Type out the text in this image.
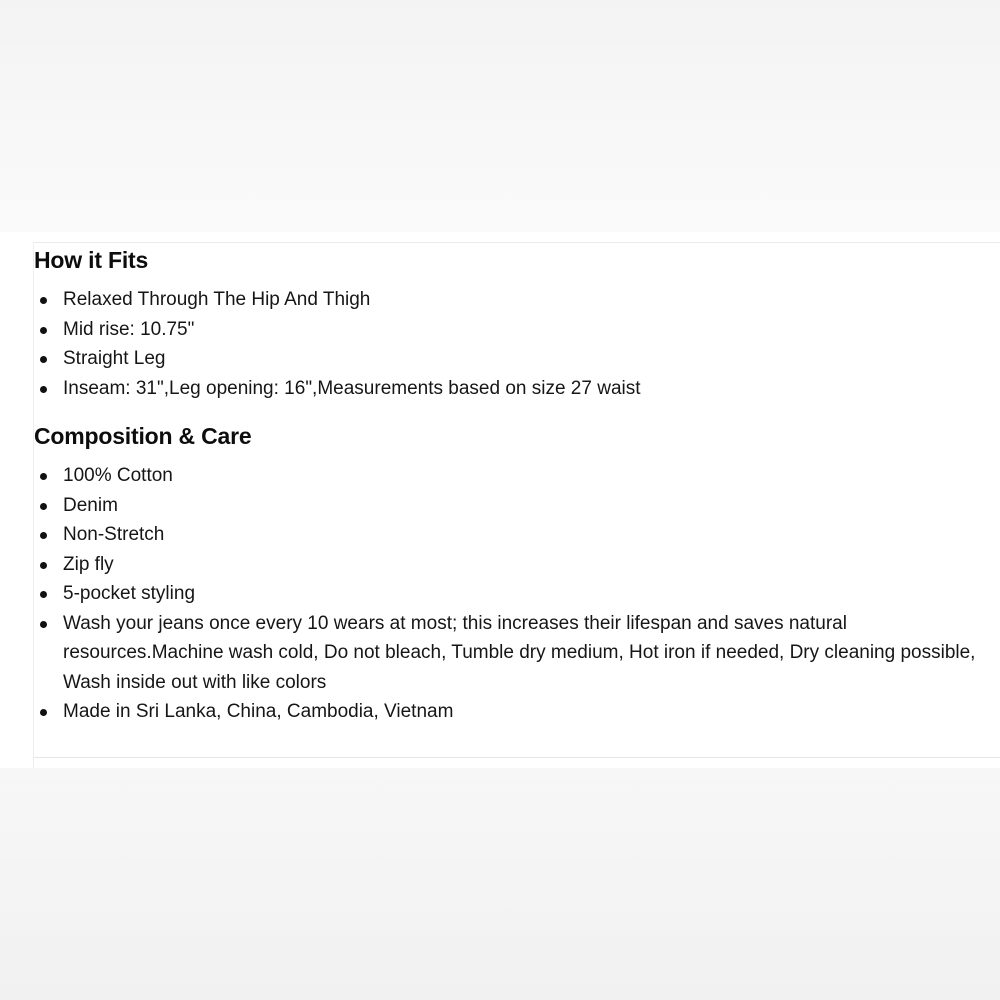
How it Fits
Relaxed Through The Hip And Thigh
Mid rise: 10.75"
Straight Leg
Inseam: 31",Leg opening: 16",Measurements based on size 27 waist
Composition & Care
100% Cotton
Denim
Non-Stretch
Zip fly
5-pocket styling
Wash your jeans once every 10 wears at most; this increases their lifespan and saves natural resources.Machine wash cold, Do not bleach, Tumble dry medium, Hot iron if needed, Dry cleaning possible, Wash inside out with like colors
Made in Sri Lanka, China, Cambodia, Vietnam
